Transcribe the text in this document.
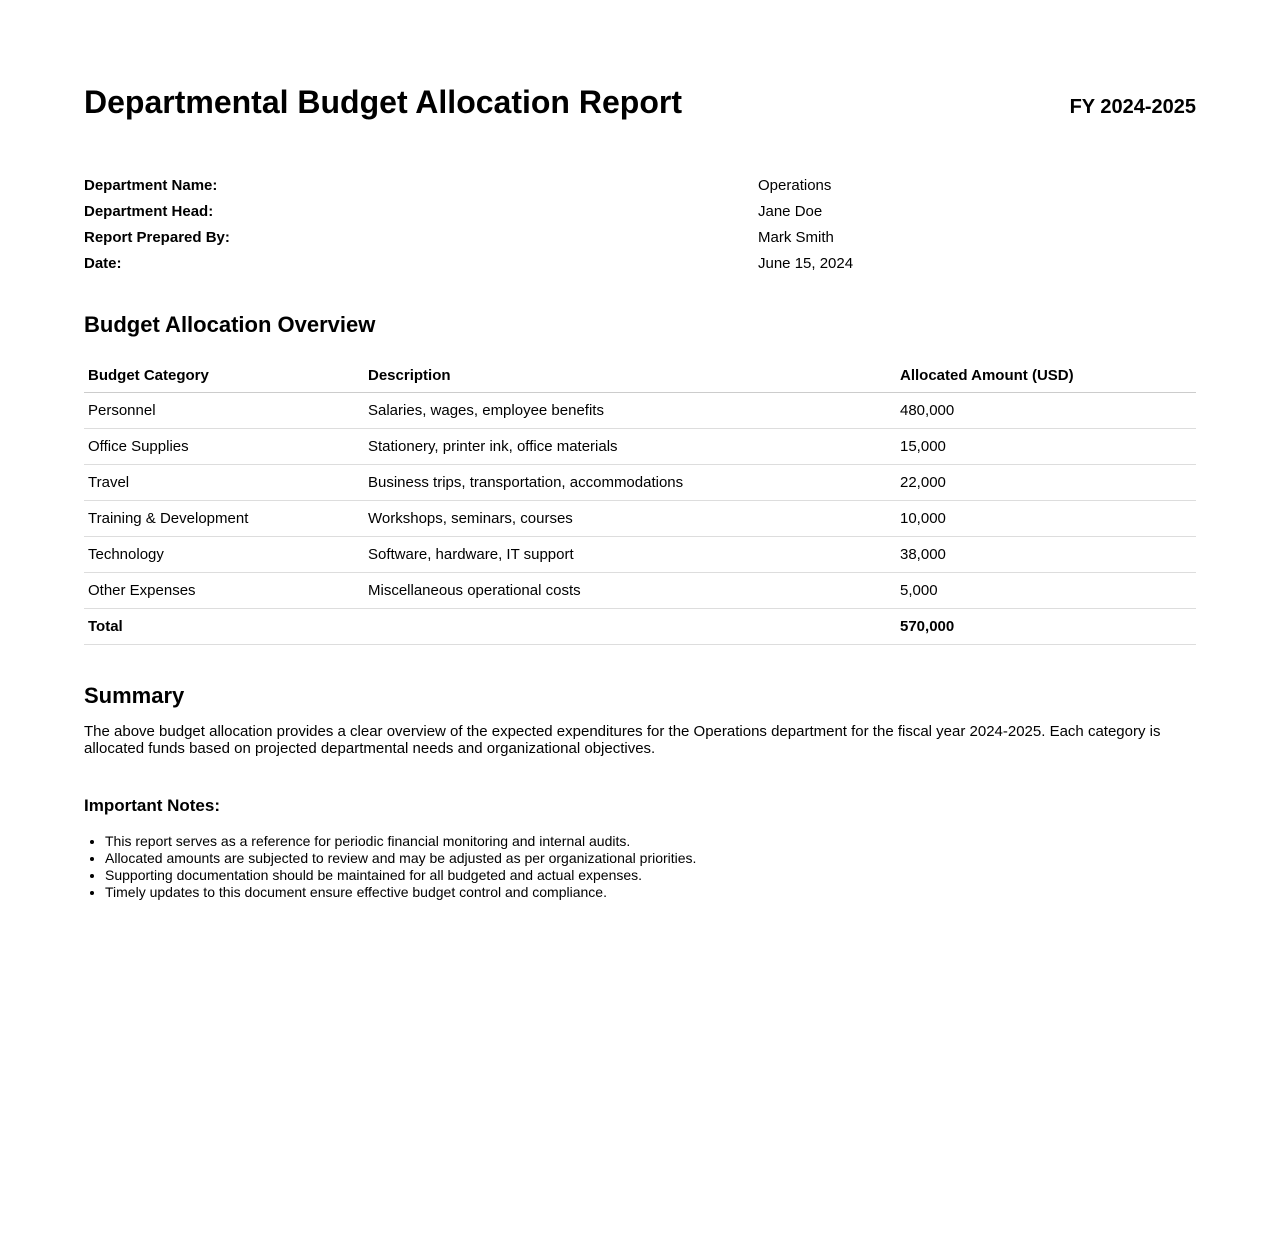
Departmental Budget Allocation Report	FY 2024-2025
Department Name:	Operations
Department Head:	Jane Doe
Report Prepared By:	Mark Smith
Date:	June 15, 2024
Budget Allocation Overview
Budget Category	Description	Allocated Amount (USD)
Personnel	Salaries, wages, employee benefits	480,000
Office Supplies	Stationery, printer ink, office materials	15,000
Travel	Business trips, transportation, accommodations	22,000
Training & Development	Workshops, seminars, courses	10,000
Technology	Software, hardware, IT support	38,000
Other Expenses	Miscellaneous operational costs	5,000
Total		570,000
Summary

The above budget allocation provides a clear overview of the expected expenditures for the Operations department for the fiscal year 2024-2025. Each category is allocated funds based on projected departmental needs and organizational objectives.

Important Notes:
• This report serves as a reference for periodic financial monitoring and internal audits.
• Allocated amounts are subjected to review and may be adjusted as per organizational priorities.
• Supporting documentation should be maintained for all budgeted and actual expenses.
• Timely updates to this document ensure effective budget control and compliance.
